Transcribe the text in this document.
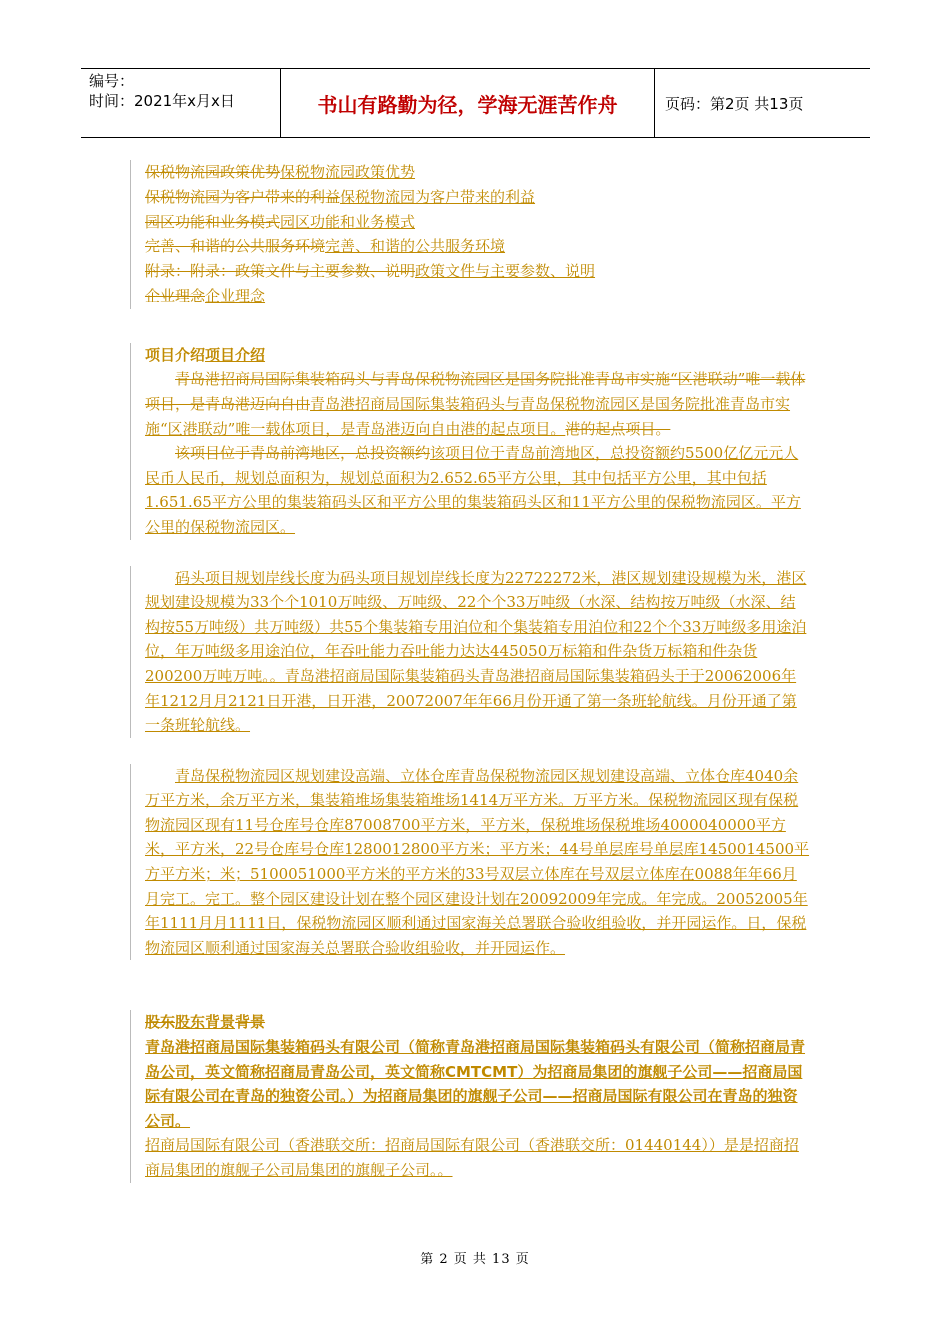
编号：
时间：2021年x月x日	书山有路勤为径，学海无涯苦作舟	页码：第2页 共13页

保税物流园政策优势保税物流园政策优势

保税物流园为客户带来的利益保税物流园为客户带来的利益

园区功能和业务模式园区功能和业务模式

完善、和谐的公共服务环境完善、和谐的公共服务环境

附录：附录：政策文件与主要参数、说明政策文件与主要参数、说明

企业理念企业理念

项目介绍项目介绍

青岛港招商局国际集装箱码头与青岛保税物流园区是国务院批准青岛市实施“区港联动”唯一载体项目，是青岛港迈向自由青岛港招商局国际集装箱码头与青岛保税物流园区是国务院批准青岛市实施“区港联动”唯一载体项目，是青岛港迈向自由港的起点项目。港的起点项目。

该项目位于青岛前湾地区，总投资额约该项目位于青岛前湾地区，总投资额约5500亿亿元元人民币人民币，规划总面积为，规划总面积为2.652.65平方公里，其中包括平方公里，其中包括1.651.65平方公里的集装箱码头区和平方公里的集装箱码头区和11平方公里的保税物流园区。平方公里的保税物流园区。

码头项目规划岸线长度为码头项目规划岸线长度为22722272米，港区规划建设规模为米，港区规划建设规模为33个个1010万吨级、万吨级、22个个33万吨级（水深、结构按万吨级（水深、结构按55万吨级）共万吨级）共55个集装箱专用泊位和个集装箱专用泊位和22个个33万吨级多用途泊位，年万吨级多用途泊位，年吞吐能力吞吐能力达达445050万标箱和件杂货万标箱和件杂货200200万吨万吨。。青岛港招商局国际集装箱码头青岛港招商局国际集装箱码头于于20062006年年1212月月2121日开港，日开港，20072007年年66月份开通了第一条班轮航线。月份开通了第一条班轮航线。

青岛保税物流园区规划建设高端、立体仓库青岛保税物流园区规划建设高端、立体仓库4040余万平方米，余万平方米，集装箱堆场集装箱堆场1414万平方米。万平方米。保税物流园区现有保税物流园区现有11号仓库号仓库87008700平方米，平方米，保税堆场保税堆场4000040000平方米，平方米，22号仓库号仓库1280012800平方米；平方米；44号单层库号单层库1450014500平方平方米；米；5100051000平方米的平方米的33号双层立体库在号双层立体库在0088年年66月月完工。完工。整个园区建设计划在整个园区建设计划在20092009年完成。年完成。20052005年年1111月月1111日，保税物流园区顺利通过国家海关总署联合验收组验收，并开园运作。日，保税物流园区顺利通过国家海关总署联合验收组验收，并开园运作。

股东股东背景背景

青岛港招商局国际集装箱码头有限公司（简称青岛港招商局国际集装箱码头有限公司（简称招商局青岛公司，英文简称招商局青岛公司，英文简称CMTCMT）为招商局集团的旗舰子公司——招商局国际有限公司在青岛的独资公司。）为招商局集团的旗舰子公司——招商局国际有限公司在青岛的独资公司。

招商局国际有限公司（香港联交所：招商局国际有限公司（香港联交所：01440144））是是招商招商局集团的旗舰子公司局集团的旗舰子公司。。

第 2 页 共 13 页
